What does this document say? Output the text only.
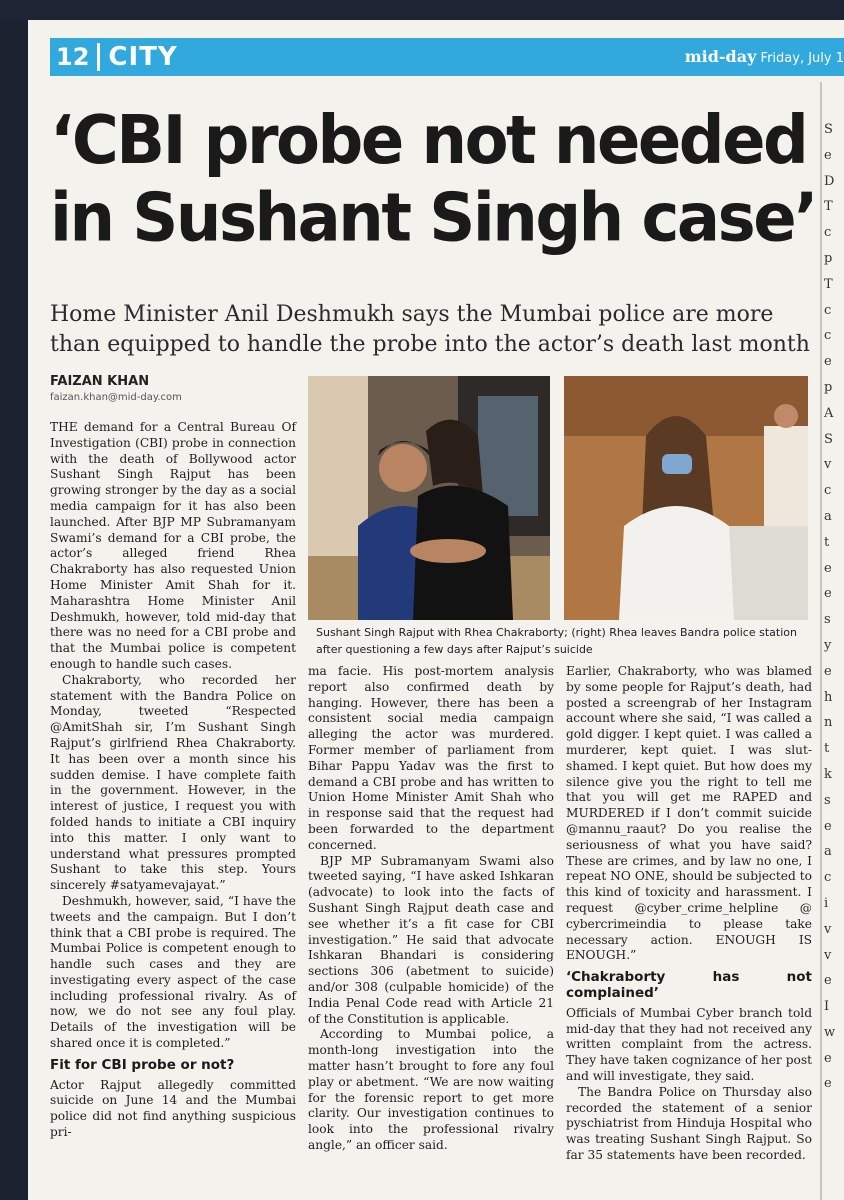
12 CITY	mid-day Friday, July 1
‘CBI probe not needed
in Sushant Singh case’
Home Minister Anil Deshmukh says the Mumbai police are more than equipped to handle the probe into the actor’s death last month
FAIZAN KHAN
faizan.khan@mid-day.com

THE demand for a Central Bureau Of Investigation (CBI) probe in connection with the death of Bollywood actor Sushant Singh Rajput has been growing stronger by the day as a social media campaign for it has also been launched. After BJP MP Subramanyam Swami’s demand for a CBI probe, the actor’s alleged friend Rhea Chakraborty has also requested Union Home Minister Amit Shah for it. Maharashtra Home Minister Anil Deshmukh, however, told mid-day that there was no need for a CBI probe and that the Mumbai police is competent enough to handle such cases.

Chakraborty, who recorded her statement with the Bandra Police on Monday, tweeted “Respected @AmitShah sir, I’m Sushant Singh Rajput’s girlfriend Rhea Chakraborty. It has been over a month since his sudden demise. I have complete faith in the government. However, in the interest of justice, I request you with folded hands to initiate a CBI inquiry into this matter. I only want to understand what pressures prompted Sushant to take this step. Yours sincerely #satyamevajayat.”

Deshmukh, however, said, “I have the tweets and the campaign. But I don’t think that a CBI probe is required. The Mumbai Police is competent enough to handle such cases and they are investigating every aspect of the case including professional rivalry. As of now, we do not see any foul play. Details of the investigation will be shared once it is completed.”

Fit for CBI probe or not?

Actor Rajput allegedly committed suicide on June 14 and the Mumbai police did not find anything suspicious pri-

Sushant Singh Rajput with Rhea Chakraborty; (right) Rhea leaves Bandra police station after questioning a few days after Rajput’s suicide

ma facie. His post-mortem analysis report also confirmed death by hanging. However, there has been a consistent social media campaign alleging the actor was murdered. Former member of parliament from Bihar Pappu Yadav was the first to demand a CBI probe and has written to Union Home Minister Amit Shah who in response said that the request had been forwarded to the department concerned.

BJP MP Subramanyam Swami also tweeted saying, “I have asked Ishkaran (advocate) to look into the facts of Sushant Singh Rajput death case and see whether it’s a fit case for CBI investigation.” He said that advocate Ishkaran Bhandari is considering sections 306 (abetment to suicide) and/or 308 (culpable homicide) of the India Penal Code read with Article 21 of the Constitution is applicable.

According to Mumbai police, a month-long investigation into the matter hasn’t brought to fore any foul play or abetment. “We are now waiting for the forensic report to get more clarity. Our investigation continues to look into the professional rivalry angle,” an officer said.

Earlier, Chakraborty, who was blamed by some people for Rajput’s death, had posted a screengrab of her Instagram account where she said, “I was called a gold digger. I kept quiet. I was called a murderer, kept quiet. I was slut-shamed. I kept quiet. But how does my silence give you the right to tell me that you will get me RAPED and MURDERED if I don’t commit suicide @mannu_raaut? Do you realise the seriousness of what you have said? These are crimes, and by law no one, I repeat NO ONE, should be subjected to this kind of toxicity and harassment. I request @cyber_crime_helpline @ cybercrimeindia to please take necessary action. ENOUGH IS ENOUGH.”

‘Chakraborty has not complained’

Officials of Mumbai Cyber branch told mid-day that they had not received any written complaint from the actress. They have taken cognizance of her post and will investigate, they said.

The Bandra Police on Thursday also recorded the statement of a senior pyschiatrist from Hinduja Hospital who was treating Sushant Singh Rajput. So far 35 statements have been recorded.

S
e
D
T
c
p
T
c
c
e
p
A
S
v
c
a
t
e
e
s
y
e
h
n
t
k
s
e
a
c
i
v
v
e
I
w
e
e
